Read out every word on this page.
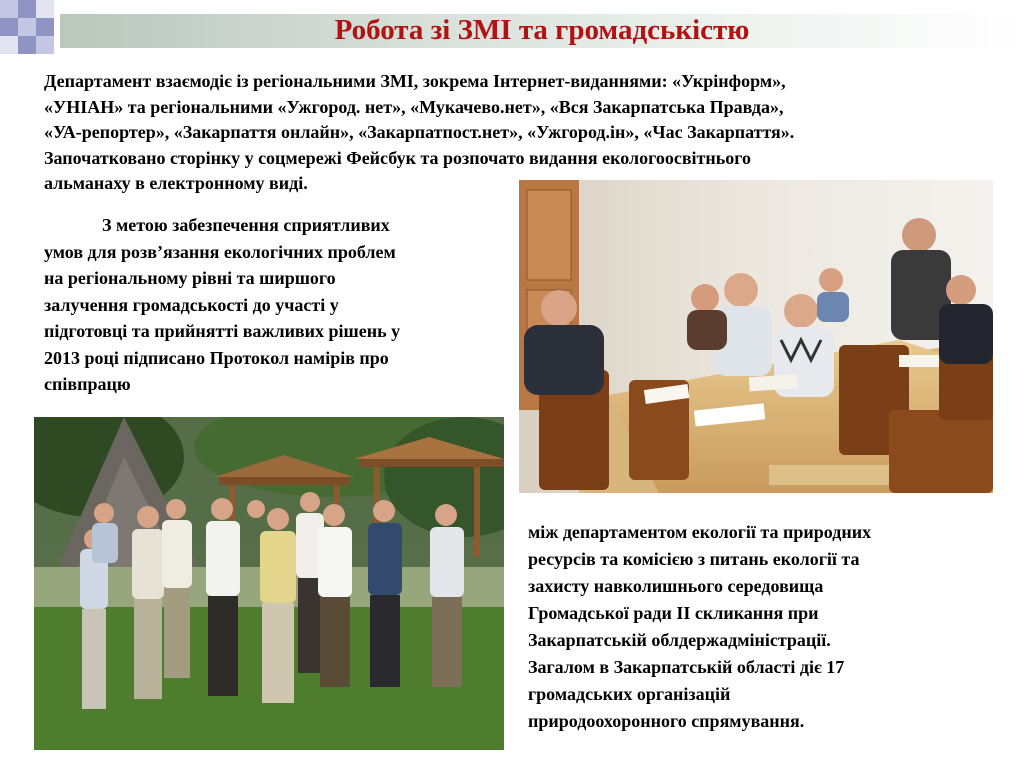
Робота зі ЗМІ та громадськістю
Департамент взаємодіє із регіональними ЗМІ, зокрема Інтернет-виданнями: «Укрінформ»,
«УНІАН» та регіональними «Ужгород. нет», «Мукачево.нет», «Вся Закарпатська Правда»,
«УА-репортер», «Закарпаття онлайн», «Закарпатпост.нет», «Ужгород.ін», «Час Закарпаття».
Започатковано сторінку у соцмережі Фейсбук та розпочато видання екологоосвітнього
альманаху в електронному виді.
З метою забезпечення сприятливих
умов для розв’язання екологічних проблем
на регіональному рівні та ширшого
залучення громадськості до участі у
підготовці та прийнятті важливих рішень у
2013 році підписано Протокол намірів про
співпрацю
між департаментом екології та природних
ресурсів та комісією з питань екології та
захисту навколишнього середовища
Громадської ради ІІ скликання при
Закарпатській облдержадміністрації.
Загалом в Закарпатській області діє 17
громадських організацій
природоохоронного спрямування.
